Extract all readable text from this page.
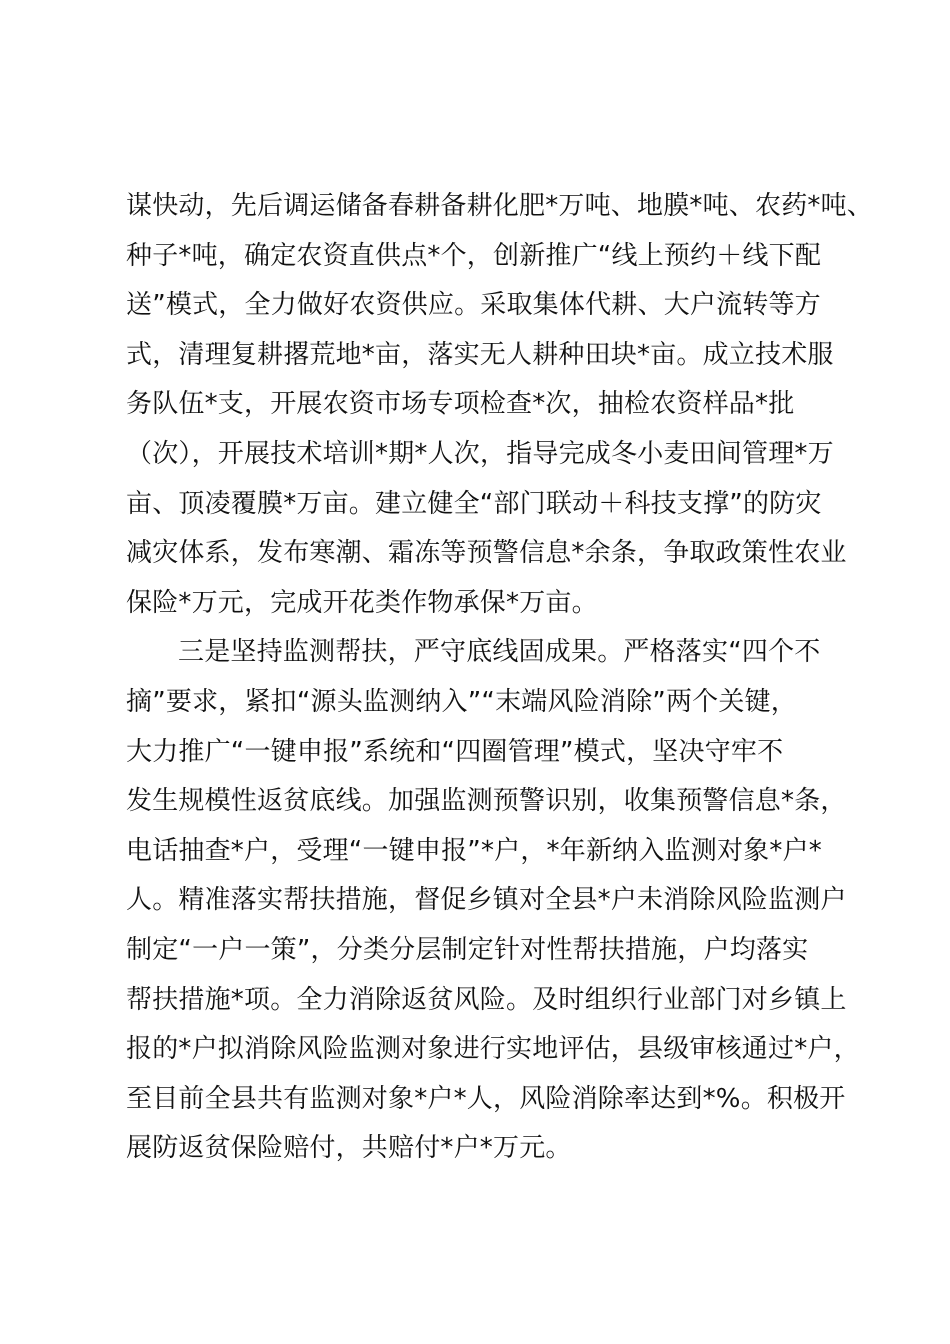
谋快动，先后调运储备春耕备耕化肥*万吨、地膜*吨、农药*吨、
种子*吨，确定农资直供点*个，创新推广“线上预约＋线下配
送”模式，全力做好农资供应。采取集体代耕、大户流转等方
式，清理复耕撂荒地*亩，落实无人耕种田块*亩。成立技术服
务队伍*支，开展农资市场专项检查*次，抽检农资样品*批
（次），开展技术培训*期*人次，指导完成冬小麦田间管理*万
亩、顶凌覆膜*万亩。建立健全“部门联动＋科技支撑”的防灾
减灾体系，发布寒潮、霜冻等预警信息*余条，争取政策性农业
保险*万元，完成开花类作物承保*万亩。
三是坚持监测帮扶，严守底线固成果。严格落实“四个不
摘”要求，紧扣“源头监测纳入”“末端风险消除”两个关键，
大力推广“一键申报”系统和“四圈管理”模式，坚决守牢不
发生规模性返贫底线。加强监测预警识别，收集预警信息*条，
电话抽查*户，受理“一键申报”*户，*年新纳入监测对象*户*
人。精准落实帮扶措施，督促乡镇对全县*户未消除风险监测户
制定“一户一策”，分类分层制定针对性帮扶措施，户均落实
帮扶措施*项。全力消除返贫风险。及时组织行业部门对乡镇上
报的*户拟消除风险监测对象进行实地评估，县级审核通过*户，
至目前全县共有监测对象*户*人，风险消除率达到*%。积极开
展防返贫保险赔付，共赔付*户*万元。
